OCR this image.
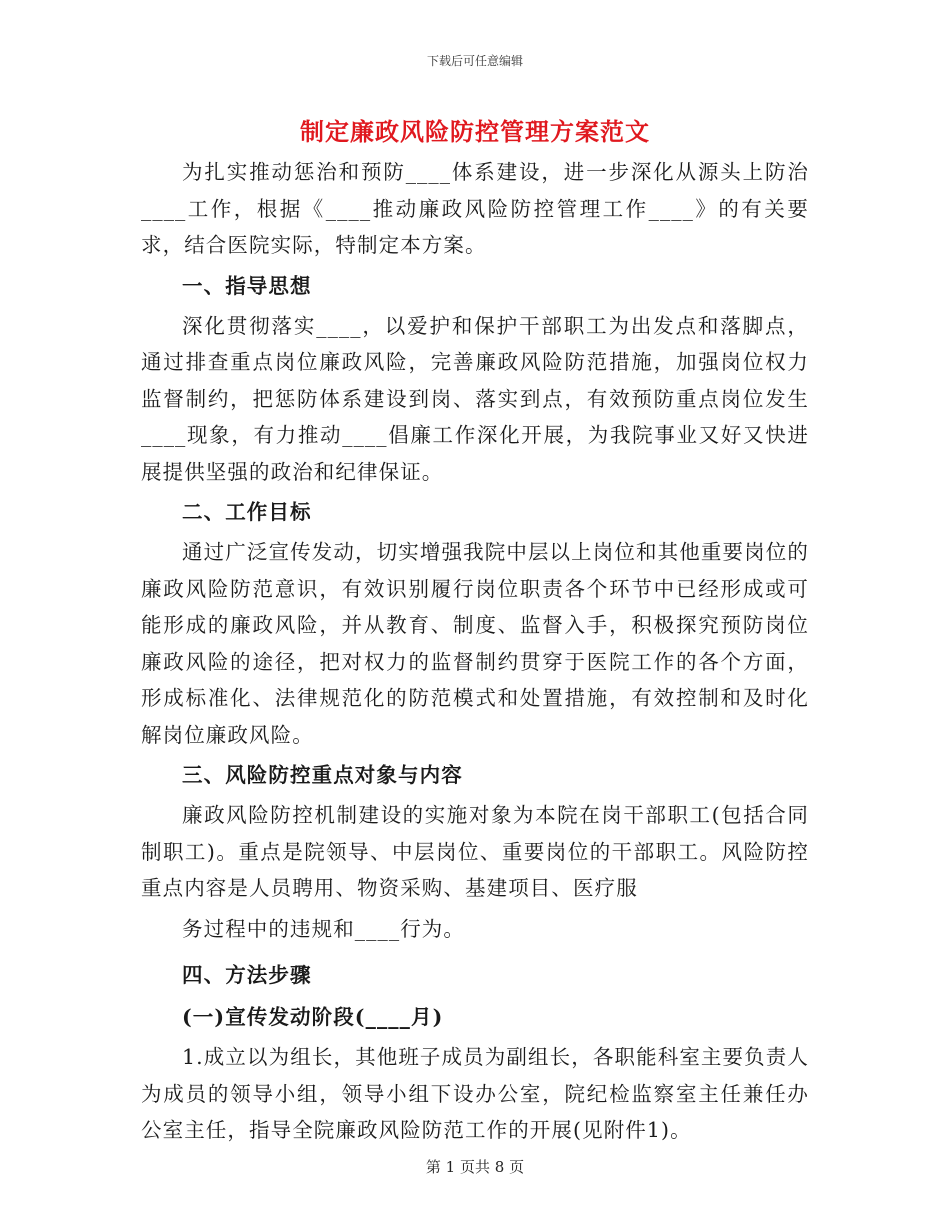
下载后可任意编辑
制定廉政风险防控管理方案范文

为扎实推动惩治和预防____体系建设，进一步深化从源头上防治____工作，根据《____推动廉政风险防控管理工作____》的有关要求，结合医院实际，特制定本方案。

一、指导思想

深化贯彻落实____，以爱护和保护干部职工为出发点和落脚点，通过排查重点岗位廉政风险，完善廉政风险防范措施，加强岗位权力监督制约，把惩防体系建设到岗、落实到点，有效预防重点岗位发生____现象，有力推动____倡廉工作深化开展，为我院事业又好又快进展提供坚强的政治和纪律保证。

二、工作目标

通过广泛宣传发动，切实增强我院中层以上岗位和其他重要岗位的廉政风险防范意识，有效识别履行岗位职责各个环节中已经形成或可能形成的廉政风险，并从教育、制度、监督入手，积极探究预防岗位廉政风险的途径，把对权力的监督制约贯穿于医院工作的各个方面，形成标准化、法律规范化的防范模式和处置措施，有效控制和及时化解岗位廉政风险。

三、风险防控重点对象与内容

廉政风险防控机制建设的实施对象为本院在岗干部职工(包括合同制职工)。重点是院领导、中层岗位、重要岗位的干部职工。风险防控重点内容是人员聘用、物资采购、基建项目、医疗服

务过程中的违规和____行为。

四、方法步骤
(一)宣传发动阶段(____月)

1.成立以为组长，其他班子成员为副组长，各职能科室主要负责人为成员的领导小组，领导小组下设办公室，院纪检监察室主任兼任办公室主任，指导全院廉政风险防范工作的开展(见附件1)。

第 1 页共 8 页
